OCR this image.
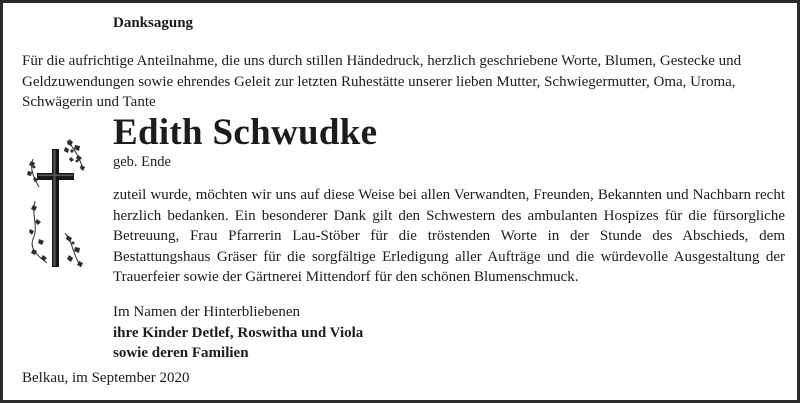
Danksagung

Für die aufrichtige Anteilnahme, die uns durch stillen Händedruck, herzlich geschriebene Worte, Blumen, Gestecke und Geldzuwendungen sowie ehrendes Geleit zur letzten Ruhestätte unserer lieben Mutter, Schwiegermutter, Oma, Uroma, Schwägerin und Tante

Edith Schwudke
geb. Ende

zuteil wurde, möchten wir uns auf diese Weise bei allen Verwandten, Freunden, Bekannten und Nachbarn recht herzlich bedanken. Ein besonderer Dank gilt den Schwestern des ambulanten Hospizes für die fürsorgliche Betreuung, Frau Pfarrerin Lau-Stöber für die tröstenden Worte in der Stunde des Abschieds, dem Bestattungshaus Gräser für die sorgfältige Erledigung aller Aufträge und die würdevolle Ausgestaltung der Trauerfeier sowie der Gärtnerei Mittendorf für den schönen Blumenschmuck.

Im Namen der Hinterbliebenen
ihre Kinder Detlef, Roswitha und Viola
sowie deren Familien
Belkau, im September 2020
